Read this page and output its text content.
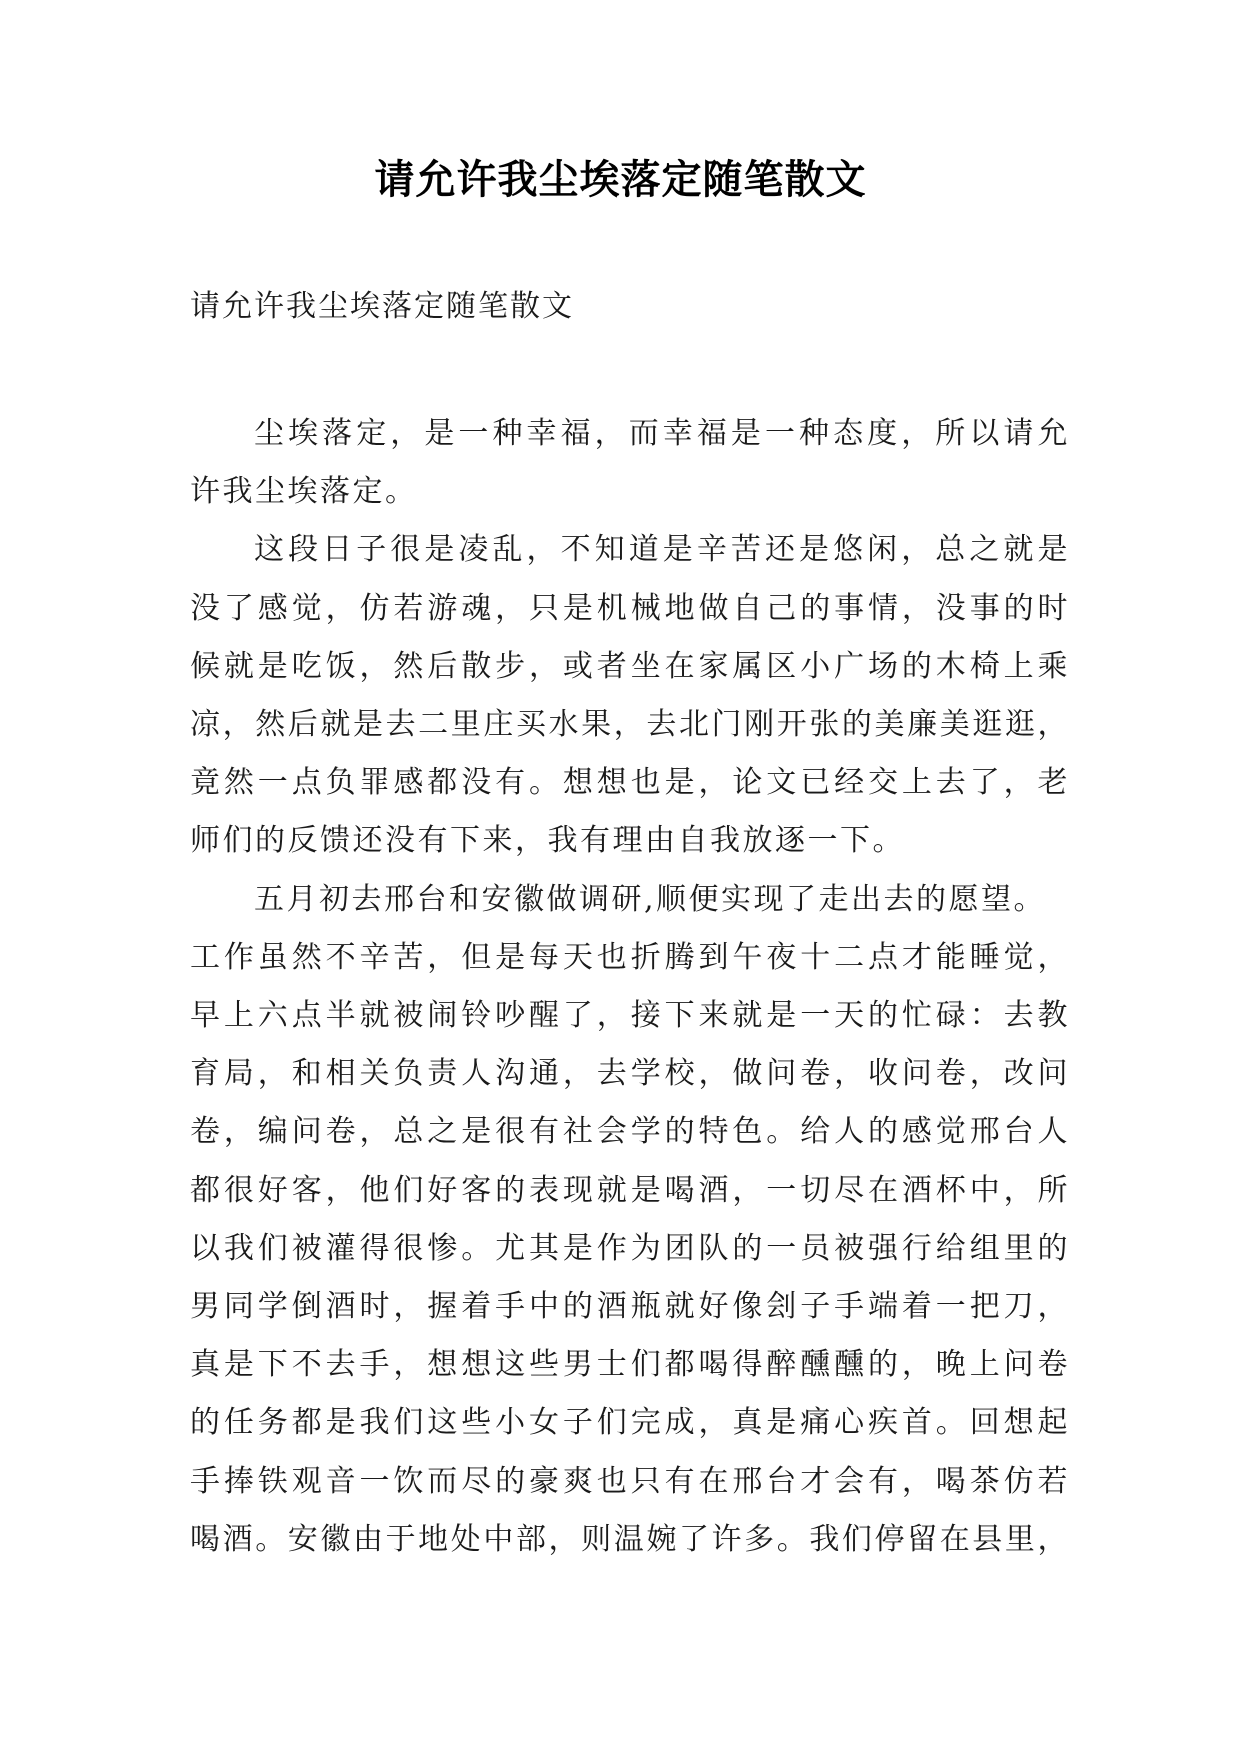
请允许我尘埃落定随笔散文

请允许我尘埃落定随笔散文

尘埃落定，是一种幸福，而幸福是一种态度，所以请允
许我尘埃落定。
这段日子很是凌乱，不知道是辛苦还是悠闲，总之就是
没了感觉，仿若游魂，只是机械地做自己的事情，没事的时
候就是吃饭，然后散步，或者坐在家属区小广场的木椅上乘
凉，然后就是去二里庄买水果，去北门刚开张的美廉美逛逛，
竟然一点负罪感都没有。想想也是，论文已经交上去了，老
师们的反馈还没有下来，我有理由自我放逐一下。
五月初去邢台和安徽做调研,顺便实现了走出去的愿望。
工作虽然不辛苦，但是每天也折腾到午夜十二点才能睡觉，
早上六点半就被闹铃吵醒了，接下来就是一天的忙碌：去教
育局，和相关负责人沟通，去学校，做问卷，收问卷，改问
卷，编问卷，总之是很有社会学的特色。给人的感觉邢台人
都很好客，他们好客的表现就是喝酒，一切尽在酒杯中，所
以我们被灌得很惨。尤其是作为团队的一员被强行给组里的
男同学倒酒时，握着手中的酒瓶就好像刽子手端着一把刀，
真是下不去手，想想这些男士们都喝得醉醺醺的，晚上问卷
的任务都是我们这些小女子们完成，真是痛心疾首。回想起
手捧铁观音一饮而尽的豪爽也只有在邢台才会有，喝茶仿若
喝酒。安徽由于地处中部，则温婉了许多。我们停留在县里，
